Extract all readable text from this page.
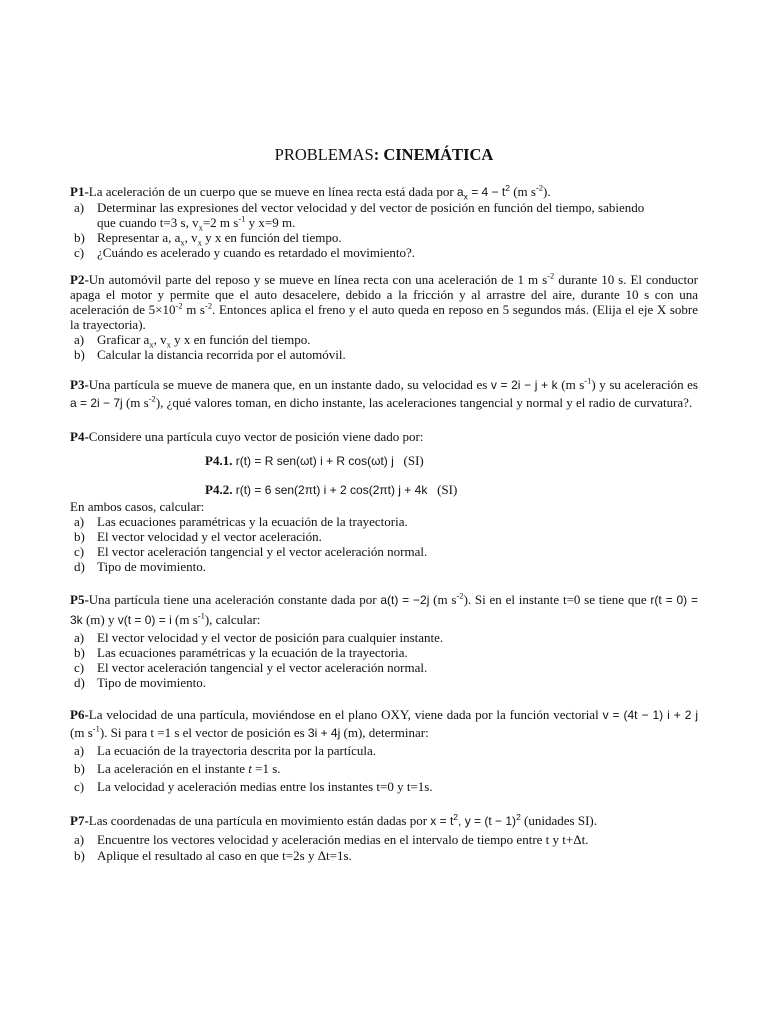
PROBLEMAS: CINEMÁTICA

P1-La aceleración de un cuerpo que se mueve en línea recta está dada por $a_x = 4 - t^2$ (m $s^{-2}$).

a) Determinar las expresiones del vector velocidad y del vector de posición en función del tiempo, sabiendo
que cuando t=3 s, $v_x=2$ m $s^{-1}$ y x=9 m.
b) Representar a, $a_x$, $v_x$ y x en función del tiempo.
c) ¿Cuándo es acelerado y cuando es retardado el movimiento?.

P2-Un automóvil parte del reposo y se mueve en línea recta con una aceleración de 1 m $s^{-2}$ durante 10 s. El conductor apaga el motor y permite que el auto desacelere, debido a la fricción y al arrastre del aire, durante 10 s con una aceleración de $5\times 10^{-2}$ m $s^{-2}$. Entonces aplica el freno y el auto queda en reposo en 5 segundos más. (Elija el eje X sobre la trayectoria).

a) Graficar $a_x$, $v_x$ y x en función del tiempo.
b) Calcular la distancia recorrida por el automóvil.

P3-Una partícula se mueve de manera que, en un instante dado, su velocidad es v = 2i − j + k (m $s^{-1}$) y su aceleración es a = 2i − 7j (m $s^{-2}$), ¿qué valores toman, en dicho instante, las aceleraciones tangencial y normal y el radio de curvatura?.

P4-Considere una partícula cuyo vector de posición viene dado por:

P4.1. r(t) = R sen(ωt) i + R cos(ωt) j (SI)

P4.2. r(t) = 6 sen(2πt) i + 2 cos(2πt) j + 4k (SI)

En ambos casos, calcular:

a) Las ecuaciones paramétricas y la ecuación de la trayectoria.
b) El vector velocidad y el vector aceleración.
c) El vector aceleración tangencial y el vector aceleración normal.
d) Tipo de movimiento.

P5-Una partícula tiene una aceleración constante dada por a(t) = −2j (m $s^{-2}$). Si en el instante t=0 se tiene que r(t = 0) = 3k (m) y v(t = 0) = i (m $s^{-1}$), calcular:

a) El vector velocidad y el vector de posición para cualquier instante.
b) Las ecuaciones paramétricas y la ecuación de la trayectoria.
c) El vector aceleración tangencial y el vector aceleración normal.
d) Tipo de movimiento.

P6-La velocidad de una partícula, moviéndose en el plano OXY, viene dada por la función vectorial v = (4t − 1) i + 2 j (m $s^{-1}$). Si para t =1 s el vector de posición es 3i + 4j (m), determinar:

a) La ecuación de la trayectoria descrita por la partícula.
b) La aceleración en el instante t =1 s.
c) La velocidad y aceleración medias entre los instantes t=0 y t=1s.

P7-Las coordenadas de una partícula en movimiento están dadas por $x = t^2$, $y = (t - 1)^2$ (unidades SI).

a) Encuentre los vectores velocidad y aceleración medias en el intervalo de tiempo entre t y t+Δt.
b) Aplique el resultado al caso en que t=2s y Δt=1s.
